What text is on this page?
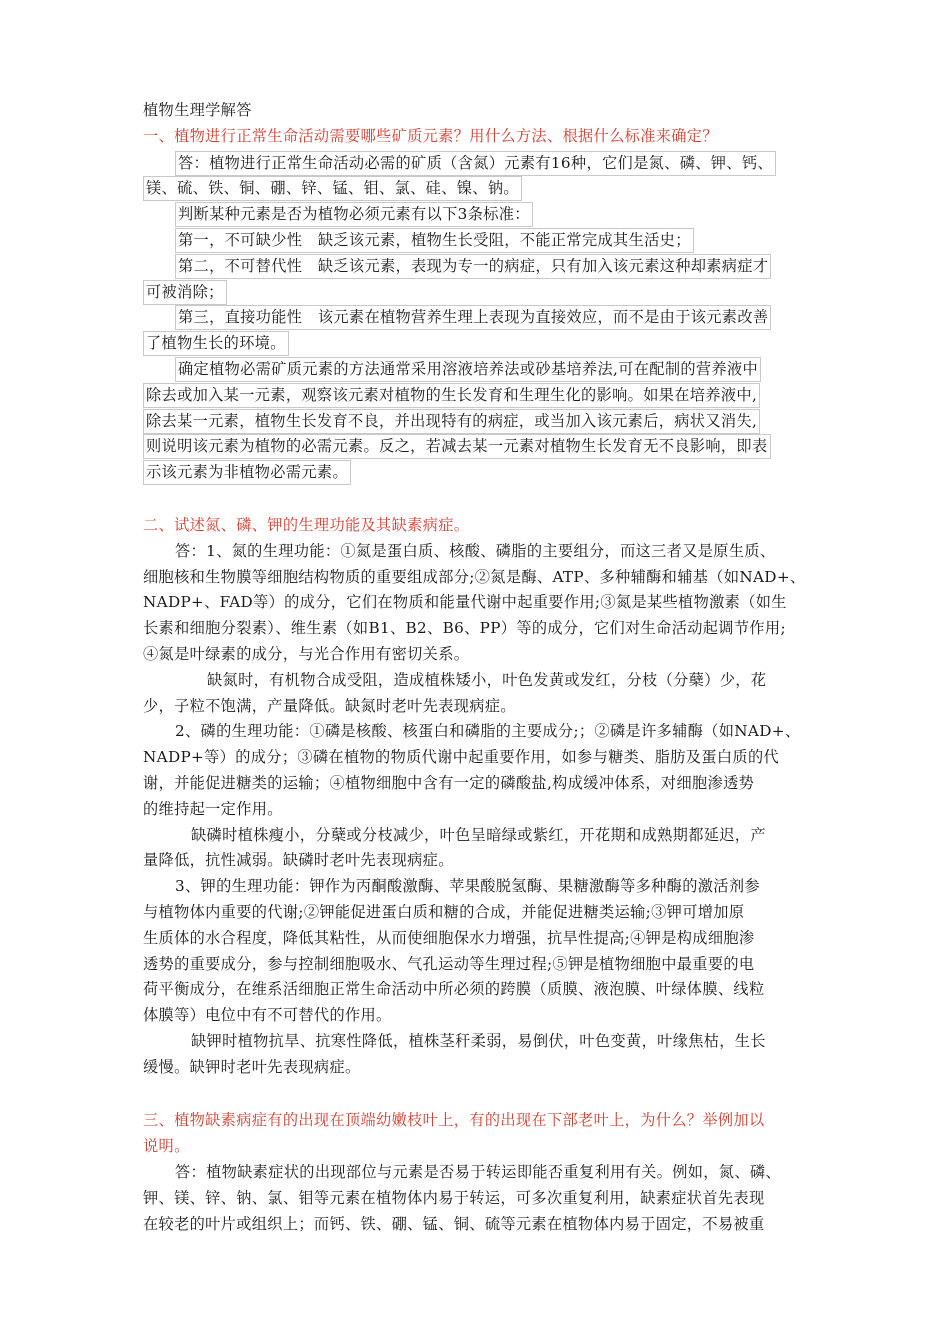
植物生理学解答
一、植物进行正常生命活动需要哪些矿质元素？用什么方法、根据什么标准来确定？
答：植物进行正常生命活动必需的矿质（含氮）元素有16种，它们是氮、磷、钾、钙、
镁、硫、铁、铜、硼、锌、锰、钼、氯、硅、镍、钠。
判断某种元素是否为植物必须元素有以下3条标准：
第一，不可缺少性　缺乏该元素，植物生长受阻，不能正常完成其生活史；
第二，不可替代性　缺乏该元素，表现为专一的病症，只有加入该元素这种却素病症才
可被消除；
第三，直接功能性　该元素在植物营养生理上表现为直接效应，而不是由于该元素改善
了植物生长的环境。
确定植物必需矿质元素的方法通常采用溶液培养法或砂基培养法,可在配制的营养液中
除去或加入某一元素，观察该元素对植物的生长发育和生理生化的影响。如果在培养液中,
除去某一元素，植物生长发育不良，并出现特有的病症，或当加入该元素后，病状又消失,
则说明该元素为植物的必需元素。反之，若减去某一元素对植物生长发育无不良影响，即表
示该元素为非植物必需元素。
二、试述氮、磷、钾的生理功能及其缺素病症。
答：1、氮的生理功能：①氮是蛋白质、核酸、磷脂的主要组分，而这三者又是原生质、
细胞核和生物膜等细胞结构物质的重要组成部分;②氮是酶、ATP、多种辅酶和辅基（如NAD+、
NADP+、FAD等）的成分，它们在物质和能量代谢中起重要作用;③氮是某些植物激素（如生
长素和细胞分裂素）、维生素（如B1、B2、B6、PP）等的成分，它们对生命活动起调节作用;
④氮是叶绿素的成分，与光合作用有密切关系。
缺氮时，有机物合成受阻，造成植株矮小，叶色发黄或发红，分枝（分蘖）少，花
少，子粒不饱满，产量降低。缺氮时老叶先表现病症。
2、磷的生理功能：①磷是核酸、核蛋白和磷脂的主要成分;；②磷是许多辅酶（如NAD+、
NADP+等）的成分；③磷在植物的物质代谢中起重要作用，如参与糖类、脂肪及蛋白质的代
谢，并能促进糖类的运输；④植物细胞中含有一定的磷酸盐,构成缓冲体系，对细胞渗透势
的维持起一定作用。
缺磷时植株瘦小，分蘖或分枝减少，叶色呈暗绿或紫红，开花期和成熟期都延迟，产
量降低，抗性减弱。缺磷时老叶先表现病症。
3、钾的生理功能：钾作为丙酮酸激酶、苹果酸脱氢酶、果糖激酶等多种酶的激活剂参
与植物体内重要的代谢;②钾能促进蛋白质和糖的合成，并能促进糖类运输;③钾可增加原
生质体的水合程度，降低其粘性，从而使细胞保水力增强，抗旱性提高;④钾是构成细胞渗
透势的重要成分，参与控制细胞吸水、气孔运动等生理过程;⑤钾是植物细胞中最重要的电
荷平衡成分，在维系活细胞正常生命活动中所必须的跨膜（质膜、液泡膜、叶绿体膜、线粒
体膜等）电位中有不可替代的作用。
缺钾时植物抗旱、抗寒性降低，植株茎秆柔弱，易倒伏，叶色变黄，叶缘焦枯，生长
缓慢。缺钾时老叶先表现病症。
三、植物缺素病症有的出现在顶端幼嫩枝叶上，有的出现在下部老叶上，为什么？举例加以
说明。
答：植物缺素症状的出现部位与元素是否易于转运即能否重复利用有关。例如，氮、磷、
钾、镁、锌、钠、氯、钼等元素在植物体内易于转运，可多次重复利用，缺素症状首先表现
在较老的叶片或组织上；而钙、铁、硼、锰、铜、硫等元素在植物体内易于固定，不易被重
